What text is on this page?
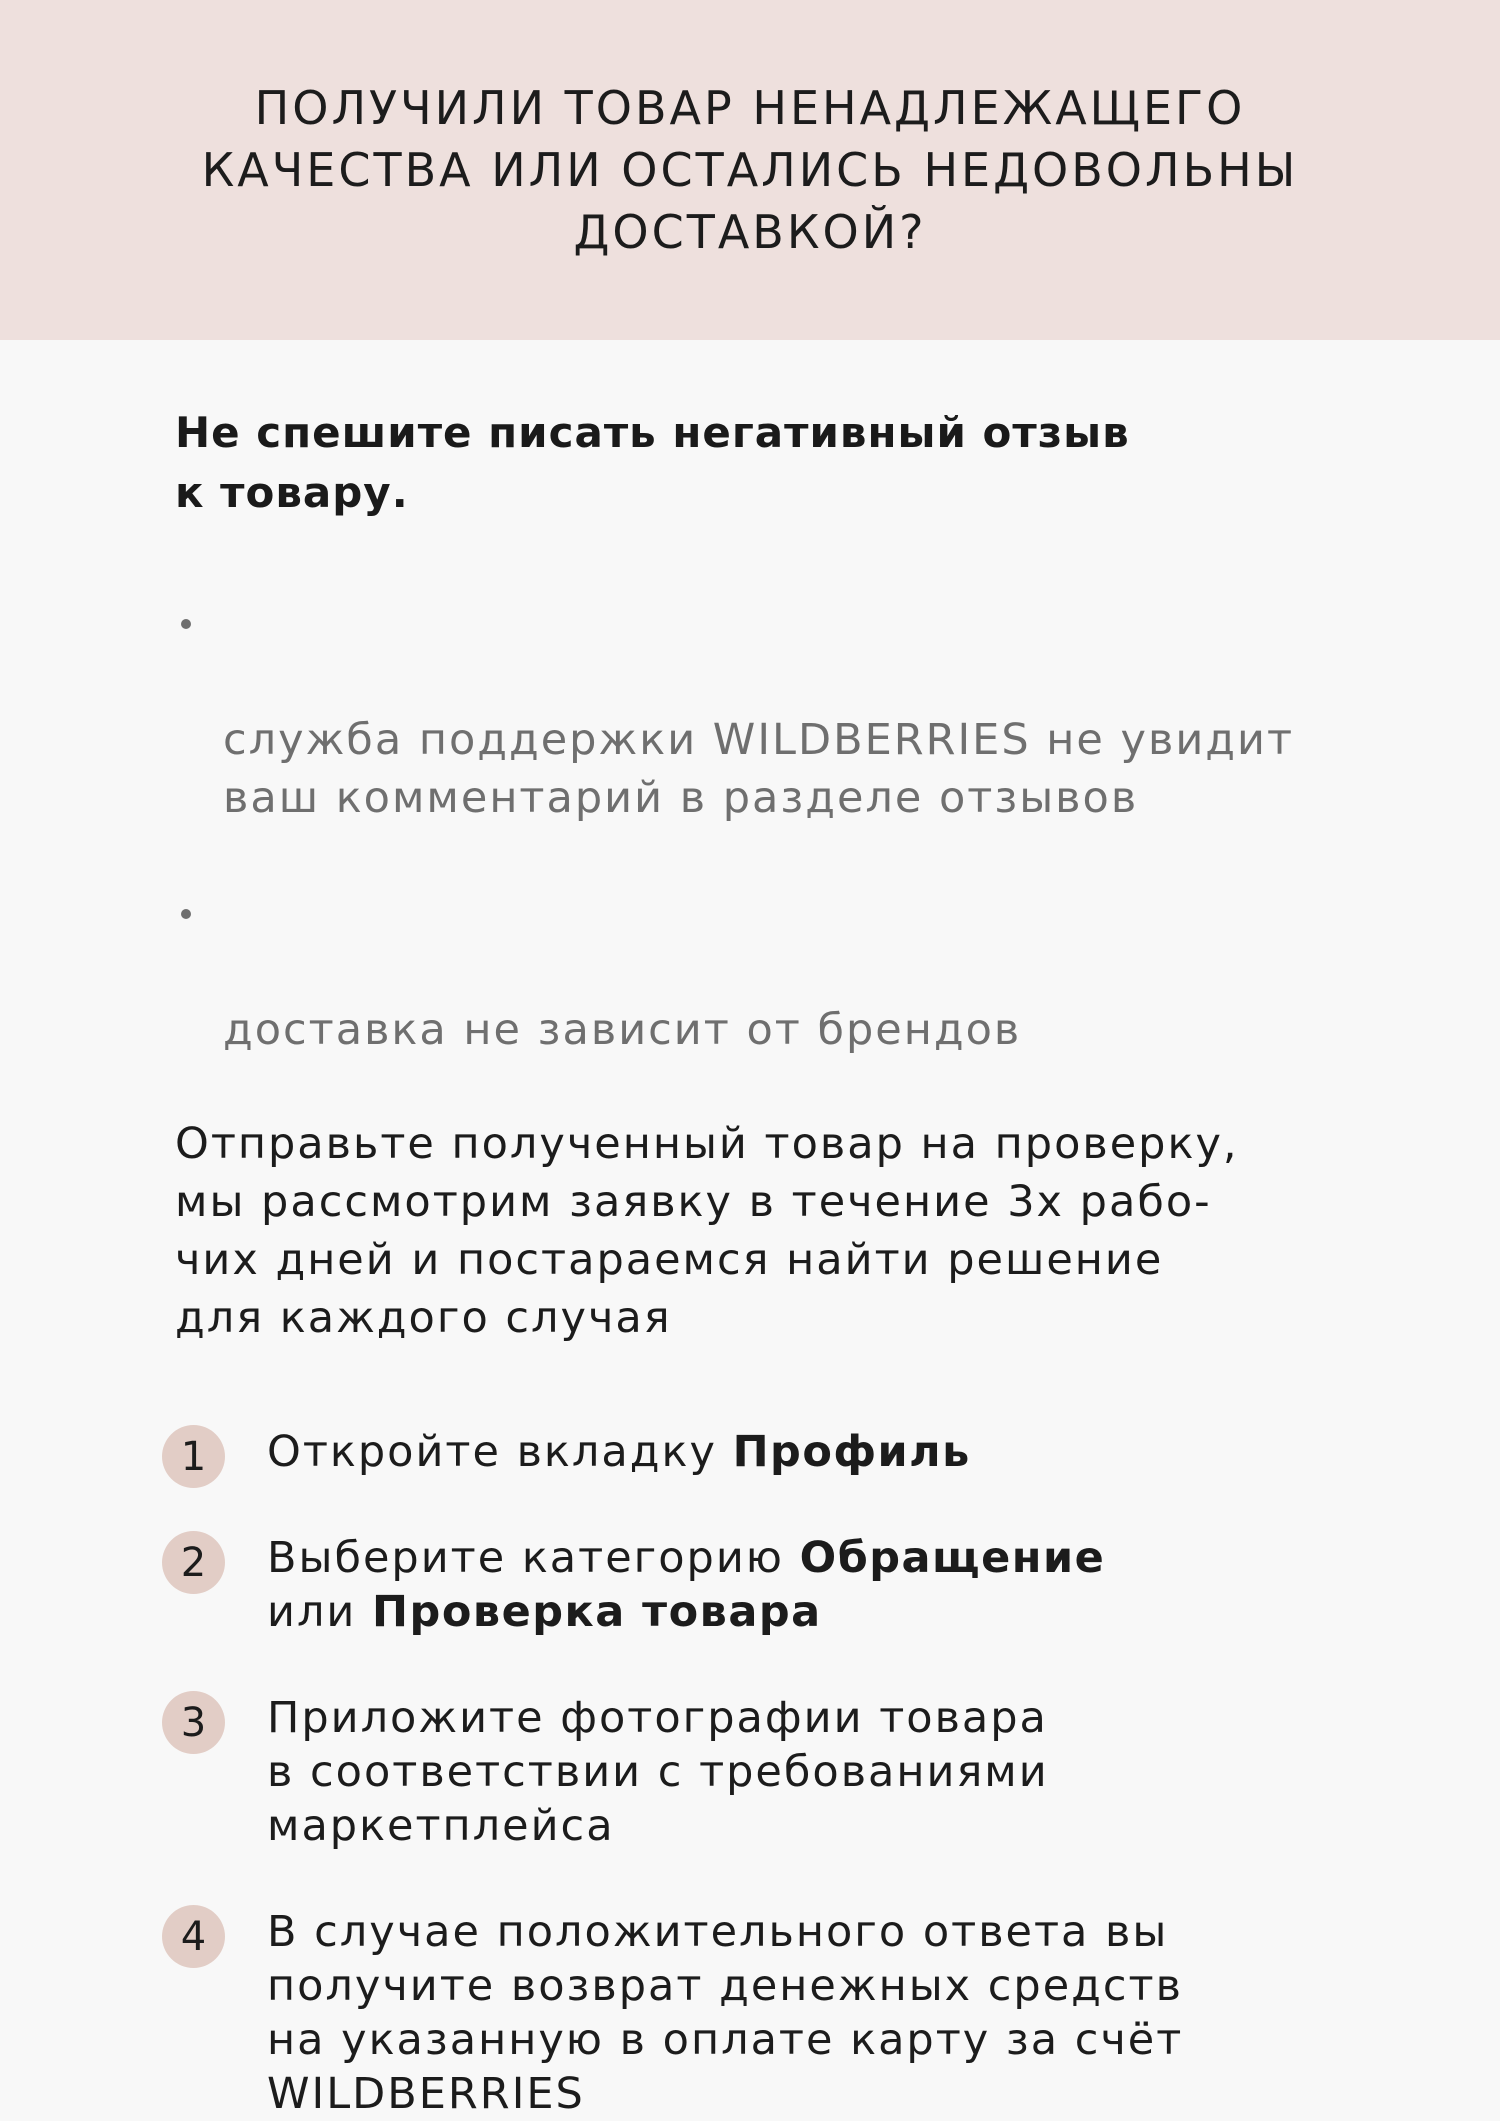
ПОЛУЧИЛИ ТОВАР НЕНАДЛЕЖАЩЕГО
КАЧЕСТВА ИЛИ ОСТАЛИСЬ НЕДОВОЛЬНЫ
ДОСТАВКОЙ?
Не спешите писать негативный отзыв
к товару.

служба поддержки WILDBERRIES не увидит
ваш комментарий в разделе отзывов

доставка не зависит от брендов

Отправьте полученный товар на проверку,
мы рассмотрим заявку в течение 3х рабо-
чих дней и постараемся найти решение
для каждого случая

1	Откройте вкладку Профиль
2	Выберите категорию Обращение
или Проверка товара
3	Приложите фотографии товара
в соответствии с требованиями
маркетплейса
4	В случае положительного ответа вы
получите возврат денежных средств
на указанную в оплате карту за счёт
WILDBERRIES
